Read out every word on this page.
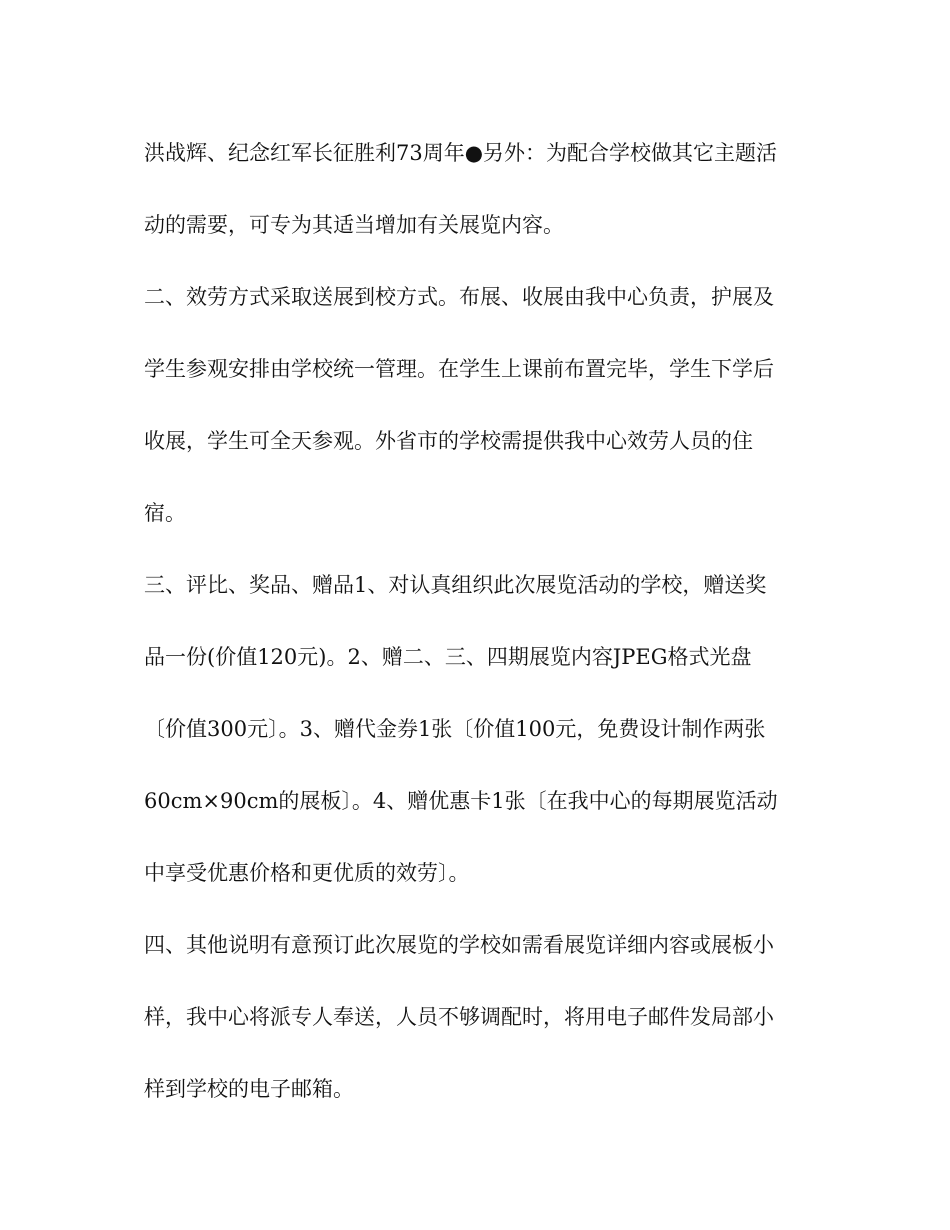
洪战辉、纪念红军长征胜利73周年●另外：为配合学校做其它主题活
动的需要，可专为其适当增加有关展览内容。
二、效劳方式采取送展到校方式。布展、收展由我中心负责，护展及
学生参观安排由学校统一管理。在学生上课前布置完毕，学生下学后
收展，学生可全天参观。外省市的学校需提供我中心效劳人员的住
宿。
三、评比、奖品、赠品1、对认真组织此次展览活动的学校，赠送奖
品一份(价值120元)。2、赠二、三、四期展览内容JPEG格式光盘
〔价值300元〕。3、赠代金券1张〔价值100元，免费设计制作两张
60cm×90cm的展板〕。4、赠优惠卡1张〔在我中心的每期展览活动
中享受优惠价格和更优质的效劳〕。
四、其他说明有意预订此次展览的学校如需看展览详细内容或展板小
样，我中心将派专人奉送，人员不够调配时，将用电子邮件发局部小
样到学校的电子邮箱。
